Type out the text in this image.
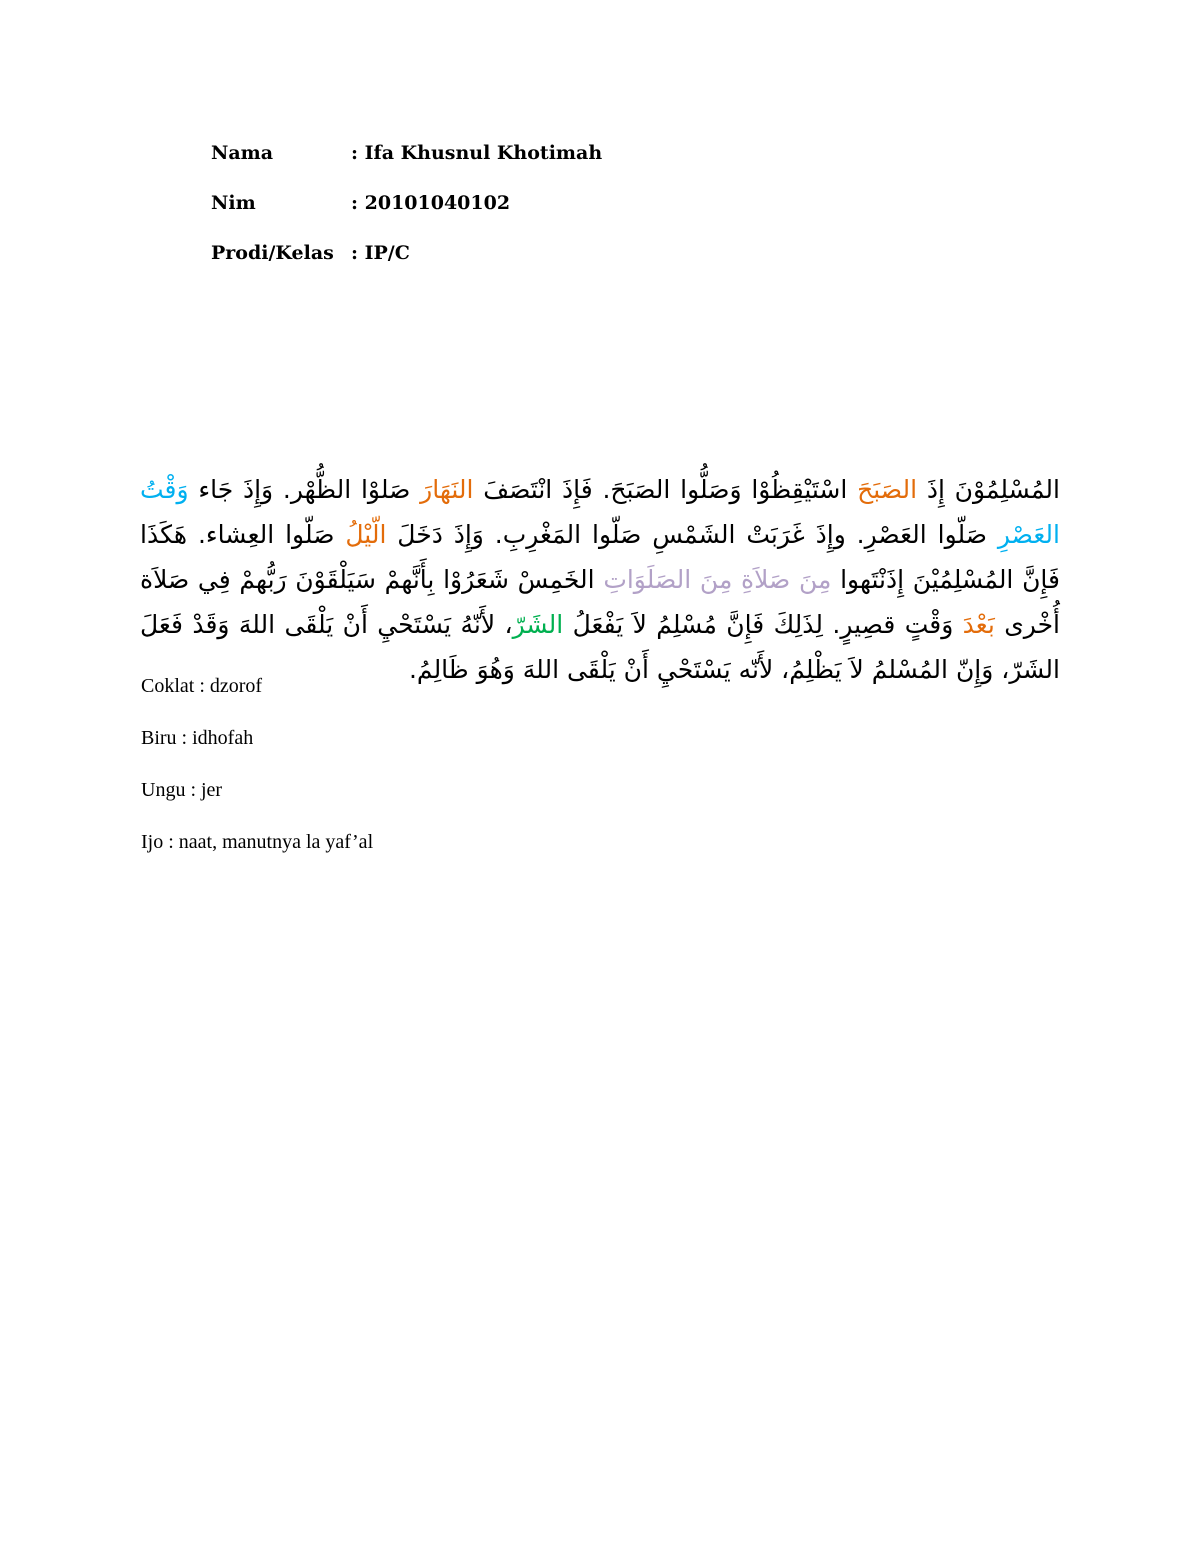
Nama	: Ifa Khusnul Khotimah
Nim	: 20101040102
Prodi/Kelas : IP/C

المُسْلِمُوْنَ إِذَ الصَبَحَ اسْتَيْقِظُوْا وَصَلُّوا الصَبَحَ. فَإِذَ انْتَصَفَ النَهَارَ صَلوْا الظُّهْر. وَإِذَ جَاء وَقْتُ العَصْرِ صَلّوا العَصْرِ. وإِذَ غَرَبَتْ الشَمْسِ صَلّوا المَغْرِبِ. وَإِذَ دَخَلَ الّيْلُ صَلّوا العِشاء. هَكَذَا فَإِنَّ المُسْلِمُيْنَ إِذَنْتَهوا مِنَ صَلاَةِ مِنَ الصَلَوَاتِ الخَمِسْ شَعَرُوْا بِأَنَّهمْ سَيَلْقَوْنَ رَبُّهمْ فِي صَلاَة أُخْرى بَعْدَ وَقْتٍ قصِيرٍ. لِذَلِكَ فَإِنَّ مُسْلِمُ لاَ يَفْعَلُ الشَرّ، لأَنّهُ يَسْتَحْيِ أَنْ يَلْقَى اللهَ وَقَدْ فَعَلَ الشَرّ، وَإِنّ المُسْلمُ لاَ يَظْلِمُ، لأَنّه يَسْتَحْيِ أَنْ يَلْقَى اللهَ وَهُوَ ظَالِمُ.

Coklat : dzorof
Biru : idhofah
Ungu : jer
Ijo : naat, manutnya la yaf’al
